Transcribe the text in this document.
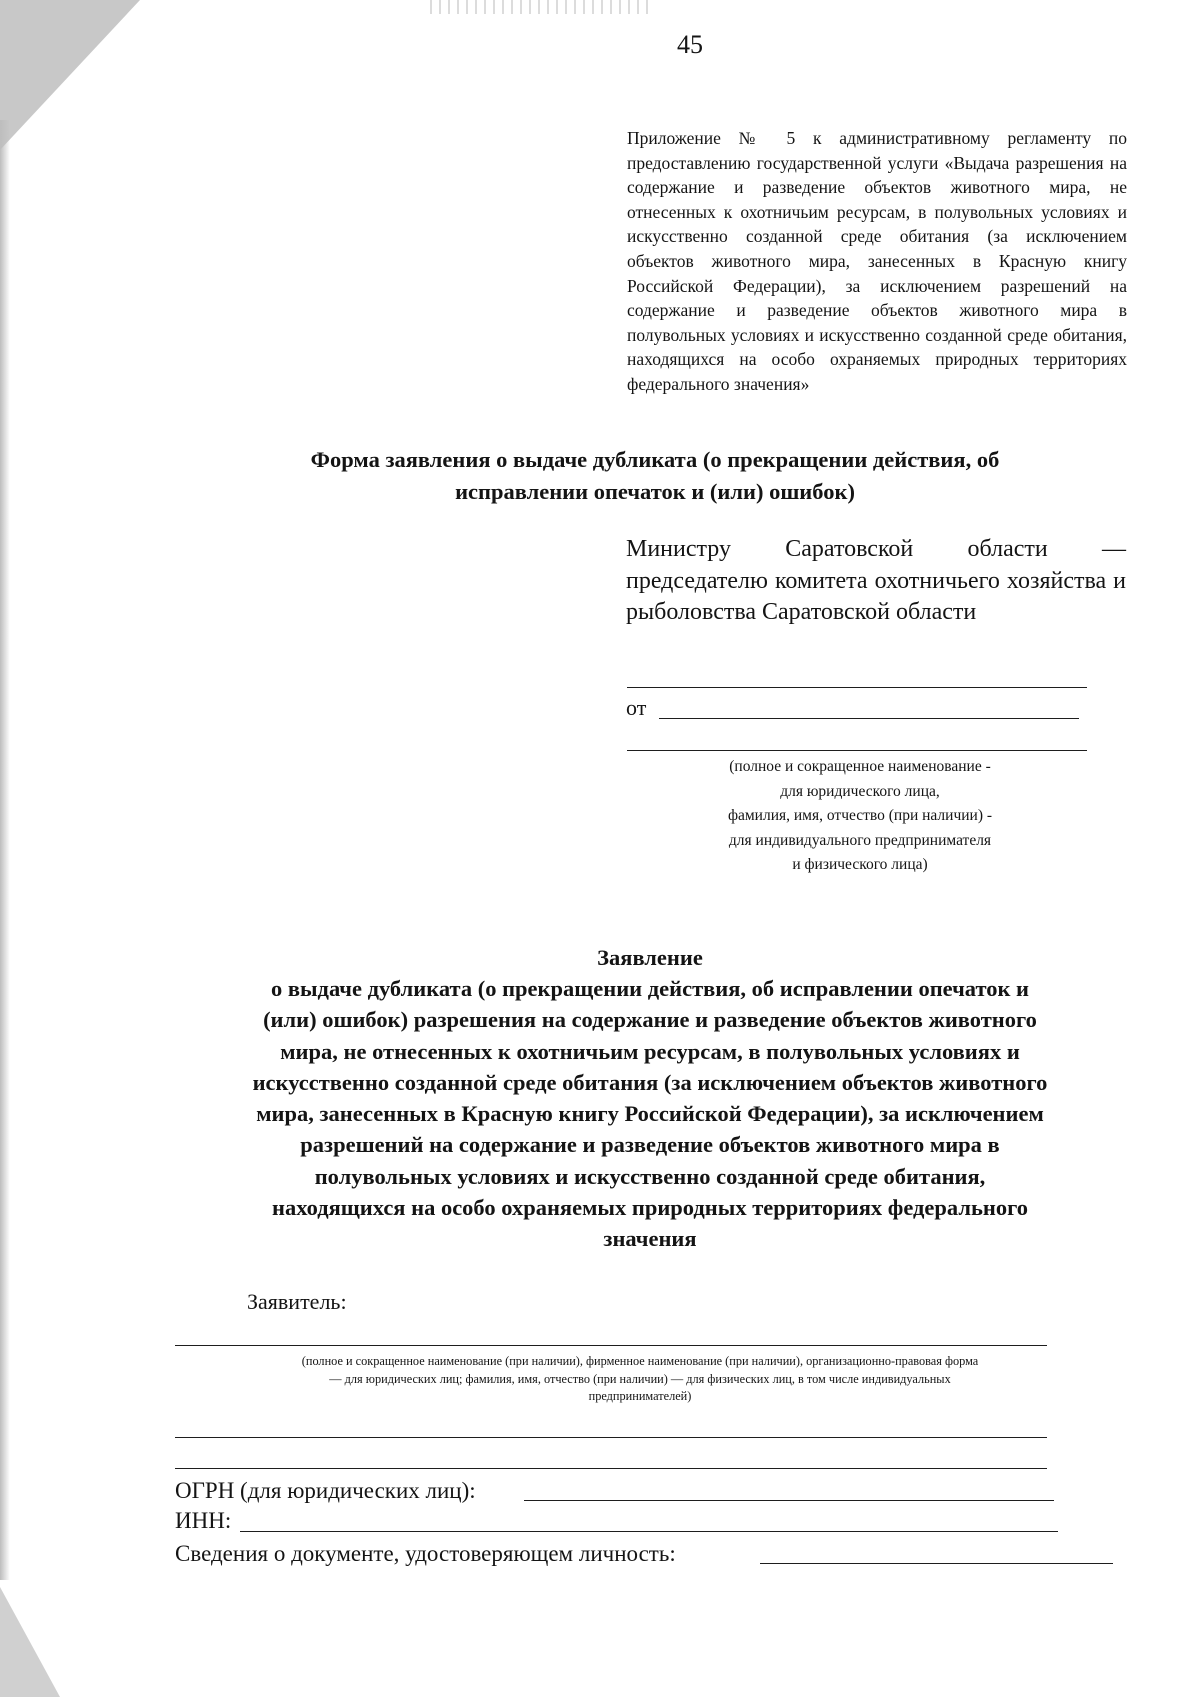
45
Приложение № 5 к административному регламенту по предоставлению государственной услуги «Выдача разрешения на содержание и разведение объектов животного мира, не отнесенных к охотничьим ресурсам, в полувольных условиях и искусственно созданной среде обитания (за исключением объектов животного мира, занесенных в Красную книгу Российской Федерации), за исключением разрешений на содержание и разведение объектов животного мира в полувольных условиях и искусственно созданной среде обитания, находящихся на особо охраняемых природных территориях федерального значения»
Форма заявления о выдаче дубликата (о прекращении действия, об
исправлении опечаток и (или) ошибок)
Министру Саратовской области — председателю комитета охотничьего хозяйства и рыболовства Саратовской области
от
(полное и сокращенное наименование -
для юридического лица,
фамилия, имя, отчество (при наличии) -
для индивидуального предпринимателя
и физического лица)
Заявление
о выдаче дубликата (о прекращении действия, об исправлении опечаток и
(или) ошибок) разрешения на содержание и разведение объектов животного
мира, не отнесенных к охотничьим ресурсам, в полувольных условиях и
искусственно созданной среде обитания (за исключением объектов животного
мира, занесенных в Красную книгу Российской Федерации), за исключением
разрешений на содержание и разведение объектов животного мира в
полувольных условиях и искусственно созданной среде обитания,
находящихся на особо охраняемых природных территориях федерального
значения
Заявитель:
(полное и сокращенное наименование (при наличии), фирменное наименование (при наличии), организационно-правовая форма
— для юридических лиц; фамилия, имя, отчество (при наличии) — для физических лиц, в том числе индивидуальных
предпринимателей)
ОГРН (для юридических лиц):
ИНН:
Сведения о документе, удостоверяющем личность:
